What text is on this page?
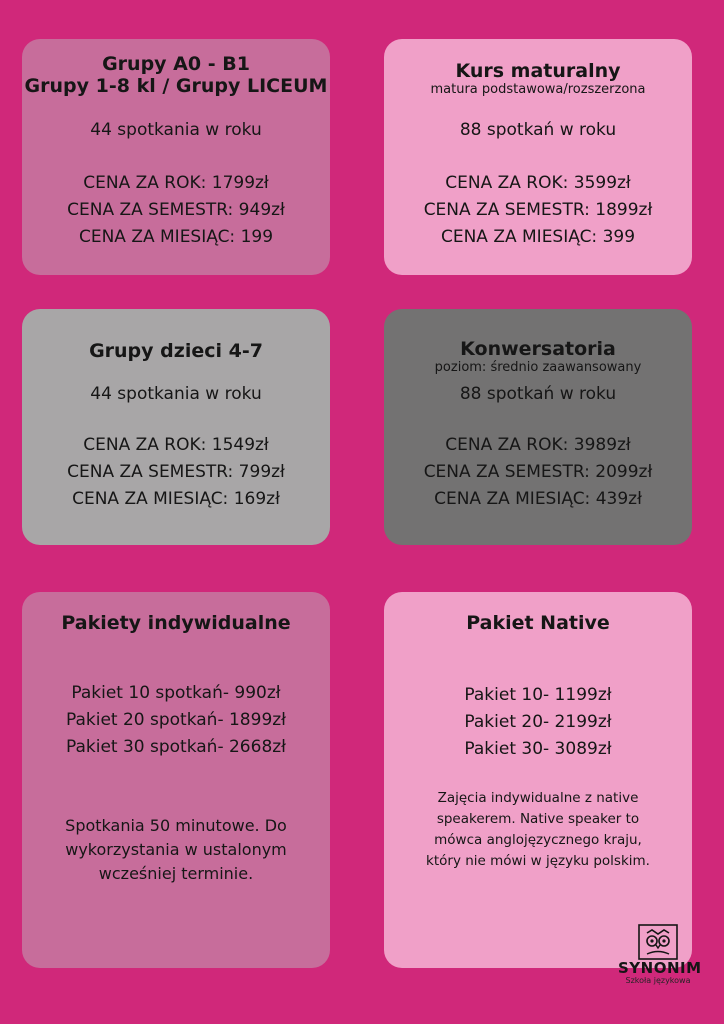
Grupy A0 - B1

Grupy 1-8 kl / Grupy LICEUM

44 spotkania w roku

CENA ZA ROK: 1799zł

CENA ZA SEMESTR: 949zł

CENA ZA MIESIĄC: 199

Kurs maturalny

matura podstawowa/rozszerzona

88 spotkań w roku

CENA ZA ROK: 3599zł

CENA ZA SEMESTR: 1899zł

CENA ZA MIESIĄC: 399

Grupy dzieci 4-7

44 spotkania w roku

CENA ZA ROK: 1549zł

CENA ZA SEMESTR: 799zł

CENA ZA MIESIĄC: 169zł

Konwersatoria

poziom: średnio zaawansowany

88 spotkań w roku

CENA ZA ROK: 3989zł

CENA ZA SEMESTR: 2099zł

CENA ZA MIESIĄC: 439zł

Pakiety indywidualne

Pakiet 10 spotkań- 990zł

Pakiet 20 spotkań- 1899zł

Pakiet 30 spotkań- 2668zł

Spotkania 50 minutowe. Do

wykorzystania w ustalonym

wcześniej terminie.

Pakiet Native

Pakiet 10- 1199zł

Pakiet 20- 2199zł

Pakiet 30- 3089zł

Zajęcia indywidualne z native

speakerem. Native speaker to

mówca anglojęzycznego kraju,

który nie mówi w języku polskim.

SYNONIM
Szkoła językowa
